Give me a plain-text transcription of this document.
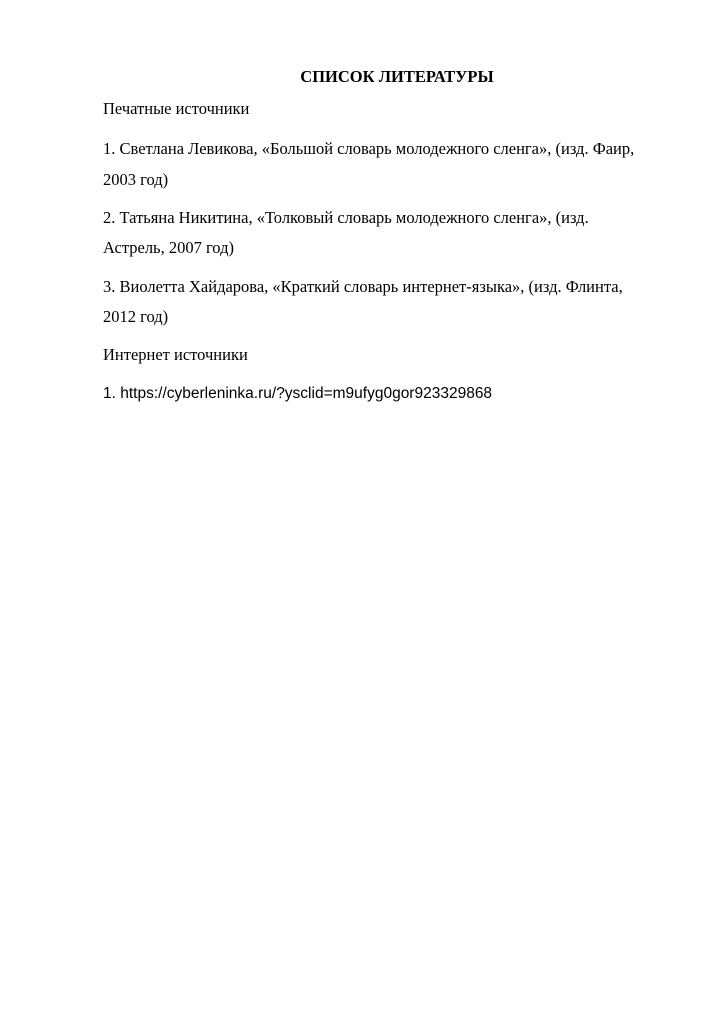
СПИСОК ЛИТЕРАТУРЫ
Печатные источники
1. Светлана Левикова, «Большой словарь молодежного сленга», (изд. Фаир,
2003 год)
2. Татьяна Никитина, «Толковый словарь молодежного сленга», (изд.
Астрель, 2007 год)
3. Виолетта Хайдарова, «Краткий словарь интернет-языка», (изд. Флинта,
2012 год)
Интернет источники
1. https://cyberleninka.ru/?ysclid=m9ufyg0gor923329868
